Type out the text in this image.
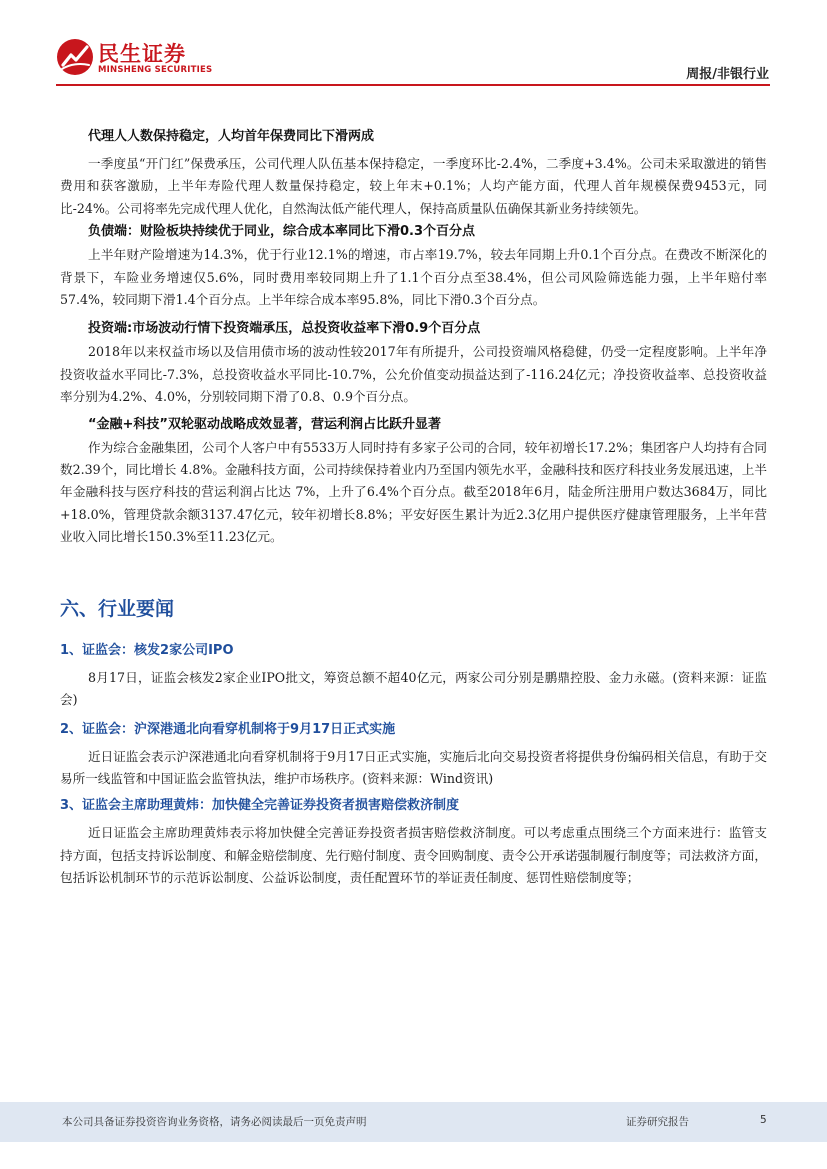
民生证券
MINSHENG SECURITIES	周报/非银行业

代理人人数保持稳定，人均首年保费同比下滑两成

一季度虽“开门红”保费承压，公司代理人队伍基本保持稳定，一季度环比-2.4%，二季度+3.4%。公司未采取激进的销售费用和获客激励，上半年寿险代理人数量保持稳定，较上年末+0.1%；人均产能方面，代理人首年规模保费9453元，同比-24%。公司将率先完成代理人优化，自然淘汰低产能代理人，保持高质量队伍确保其新业务持续领先。

负债端：财险板块持续优于同业，综合成本率同比下滑0.3个百分点

上半年财产险增速为14.3%，优于行业12.1%的增速，市占率19.7%，较去年同期上升0.1个百分点。在费改不断深化的背景下，车险业务增速仅5.6%，同时费用率较同期上升了1.1个百分点至38.4%，但公司风险筛选能力强，上半年赔付率57.4%，较同期下滑1.4个百分点。上半年综合成本率95.8%，同比下滑0.3个百分点。

投资端:市场波动行情下投资端承压，总投资收益率下滑0.9个百分点

2018年以来权益市场以及信用债市场的波动性较2017年有所提升，公司投资端风格稳健，仍受一定程度影响。上半年净投资收益水平同比-7.3%，总投资收益水平同比-10.7%，公允价值变动损益达到了-116.24亿元；净投资收益率、总投资收益率分别为4.2%、4.0%，分别较同期下滑了0.8、0.9个百分点。

“金融+科技”双轮驱动战略成效显著，营运利润占比跃升显著

作为综合金融集团，公司个人客户中有5533万人同时持有多家子公司的合同，较年初增长17.2%；集团客户人均持有合同数2.39个，同比增长 4.8%。金融科技方面，公司持续保持着业内乃至国内领先水平，金融科技和医疗科技业务发展迅速，上半年金融科技与医疗科技的营运利润占比达 7%，上升了6.4%个百分点。截至2018年6月，陆金所注册用户数达3684万，同比+18.0%，管理贷款余额3137.47亿元，较年初增长8.8%；平安好医生累计为近2.3亿用户提供医疗健康管理服务，上半年营业收入同比增长150.3%至11.23亿元。

六、行业要闻

1、证监会：核发2家公司IPO

8月17日，证监会核发2家企业IPO批文，筹资总额不超40亿元，两家公司分别是鹏鼎控股、金力永磁。(资料来源：证监会)

2、证监会：沪深港通北向看穿机制将于9月17日正式实施

近日证监会表示沪深港通北向看穿机制将于9月17日正式实施，实施后北向交易投资者将提供身份编码相关信息，有助于交易所一线监管和中国证监会监管执法，维护市场秩序。(资料来源：Wind资讯)

3、证监会主席助理黄炜：加快健全完善证券投资者损害赔偿救济制度

近日证监会主席助理黄炜表示将加快健全完善证券投资者损害赔偿救济制度。可以考虑重点围绕三个方面来进行：监管支持方面，包括支持诉讼制度、和解金赔偿制度、先行赔付制度、责令回购制度、责令公开承诺强制履行制度等；司法救济方面，包括诉讼机制环节的示范诉讼制度、公益诉讼制度，责任配置环节的举证责任制度、惩罚性赔偿制度等；

本公司具备证券投资咨询业务资格，请务必阅读最后一页免责声明	证券研究报告	5
